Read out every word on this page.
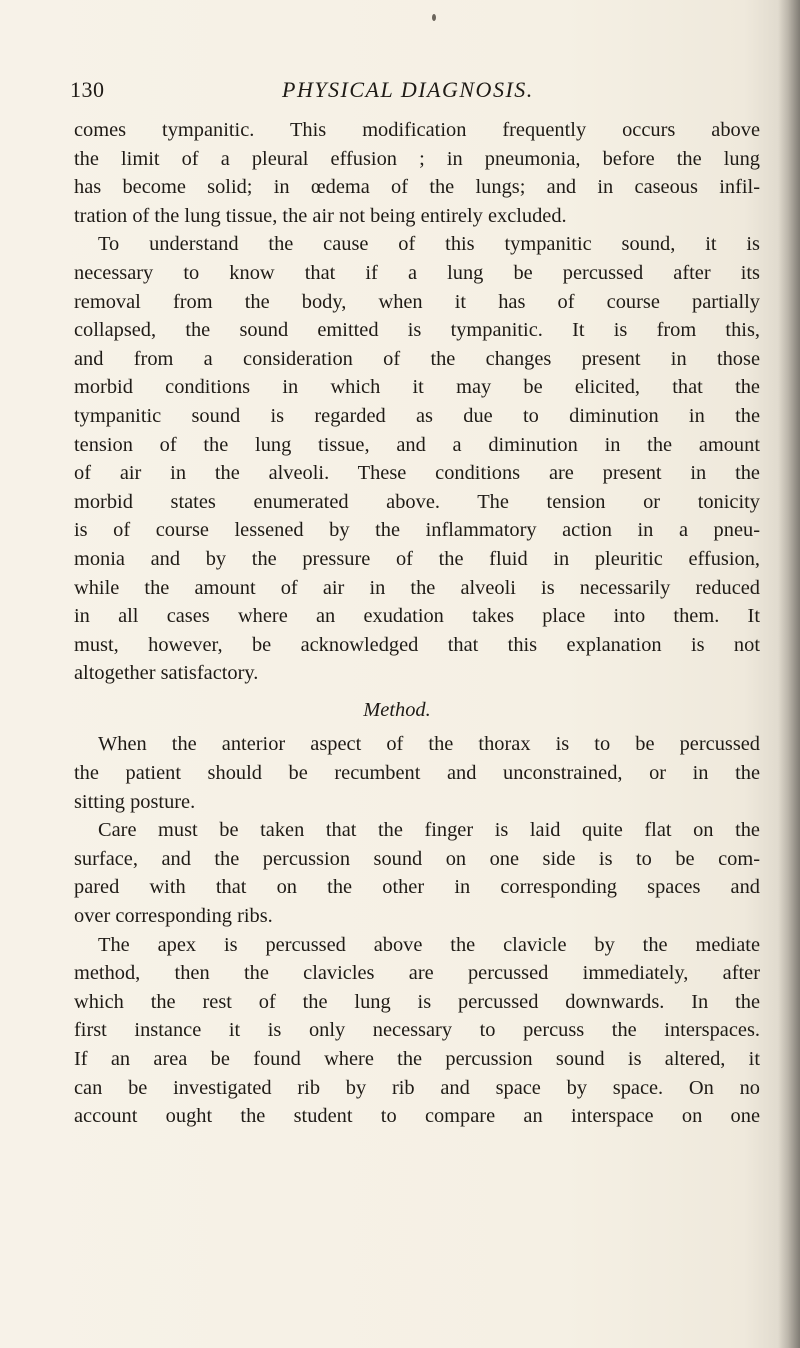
130	PHYSICAL DIAGNOSIS.
comes tympanitic. This modification frequently occurs above
the limit of a pleural effusion ; in pneumonia, before the lung
has become solid; in œdema of the lungs; and in caseous infil-
tration of the lung tissue, the air not being entirely excluded.
To understand the cause of this tympanitic sound, it is
necessary to know that if a lung be percussed after its
removal from the body, when it has of course partially
collapsed, the sound emitted is tympanitic. It is from this,
and from a consideration of the changes present in those
morbid conditions in which it may be elicited, that the
tympanitic sound is regarded as due to diminution in the
tension of the lung tissue, and a diminution in the amount
of air in the alveoli. These conditions are present in the
morbid states enumerated above. The tension or tonicity
is of course lessened by the inflammatory action in a pneu-
monia and by the pressure of the fluid in pleuritic effusion,
while the amount of air in the alveoli is necessarily reduced
in all cases where an exudation takes place into them. It
must, however, be acknowledged that this explanation is not
altogether satisfactory.
Method.
When the anterior aspect of the thorax is to be percussed
the patient should be recumbent and unconstrained, or in the
sitting posture.
Care must be taken that the finger is laid quite flat on the
surface, and the percussion sound on one side is to be com-
pared with that on the other in corresponding spaces and
over corresponding ribs.
The apex is percussed above the clavicle by the mediate
method, then the clavicles are percussed immediately, after
which the rest of the lung is percussed downwards. In the
first instance it is only necessary to percuss the interspaces.
If an area be found where the percussion sound is altered, it
can be investigated rib by rib and space by space. On no
account ought the student to compare an interspace on one
